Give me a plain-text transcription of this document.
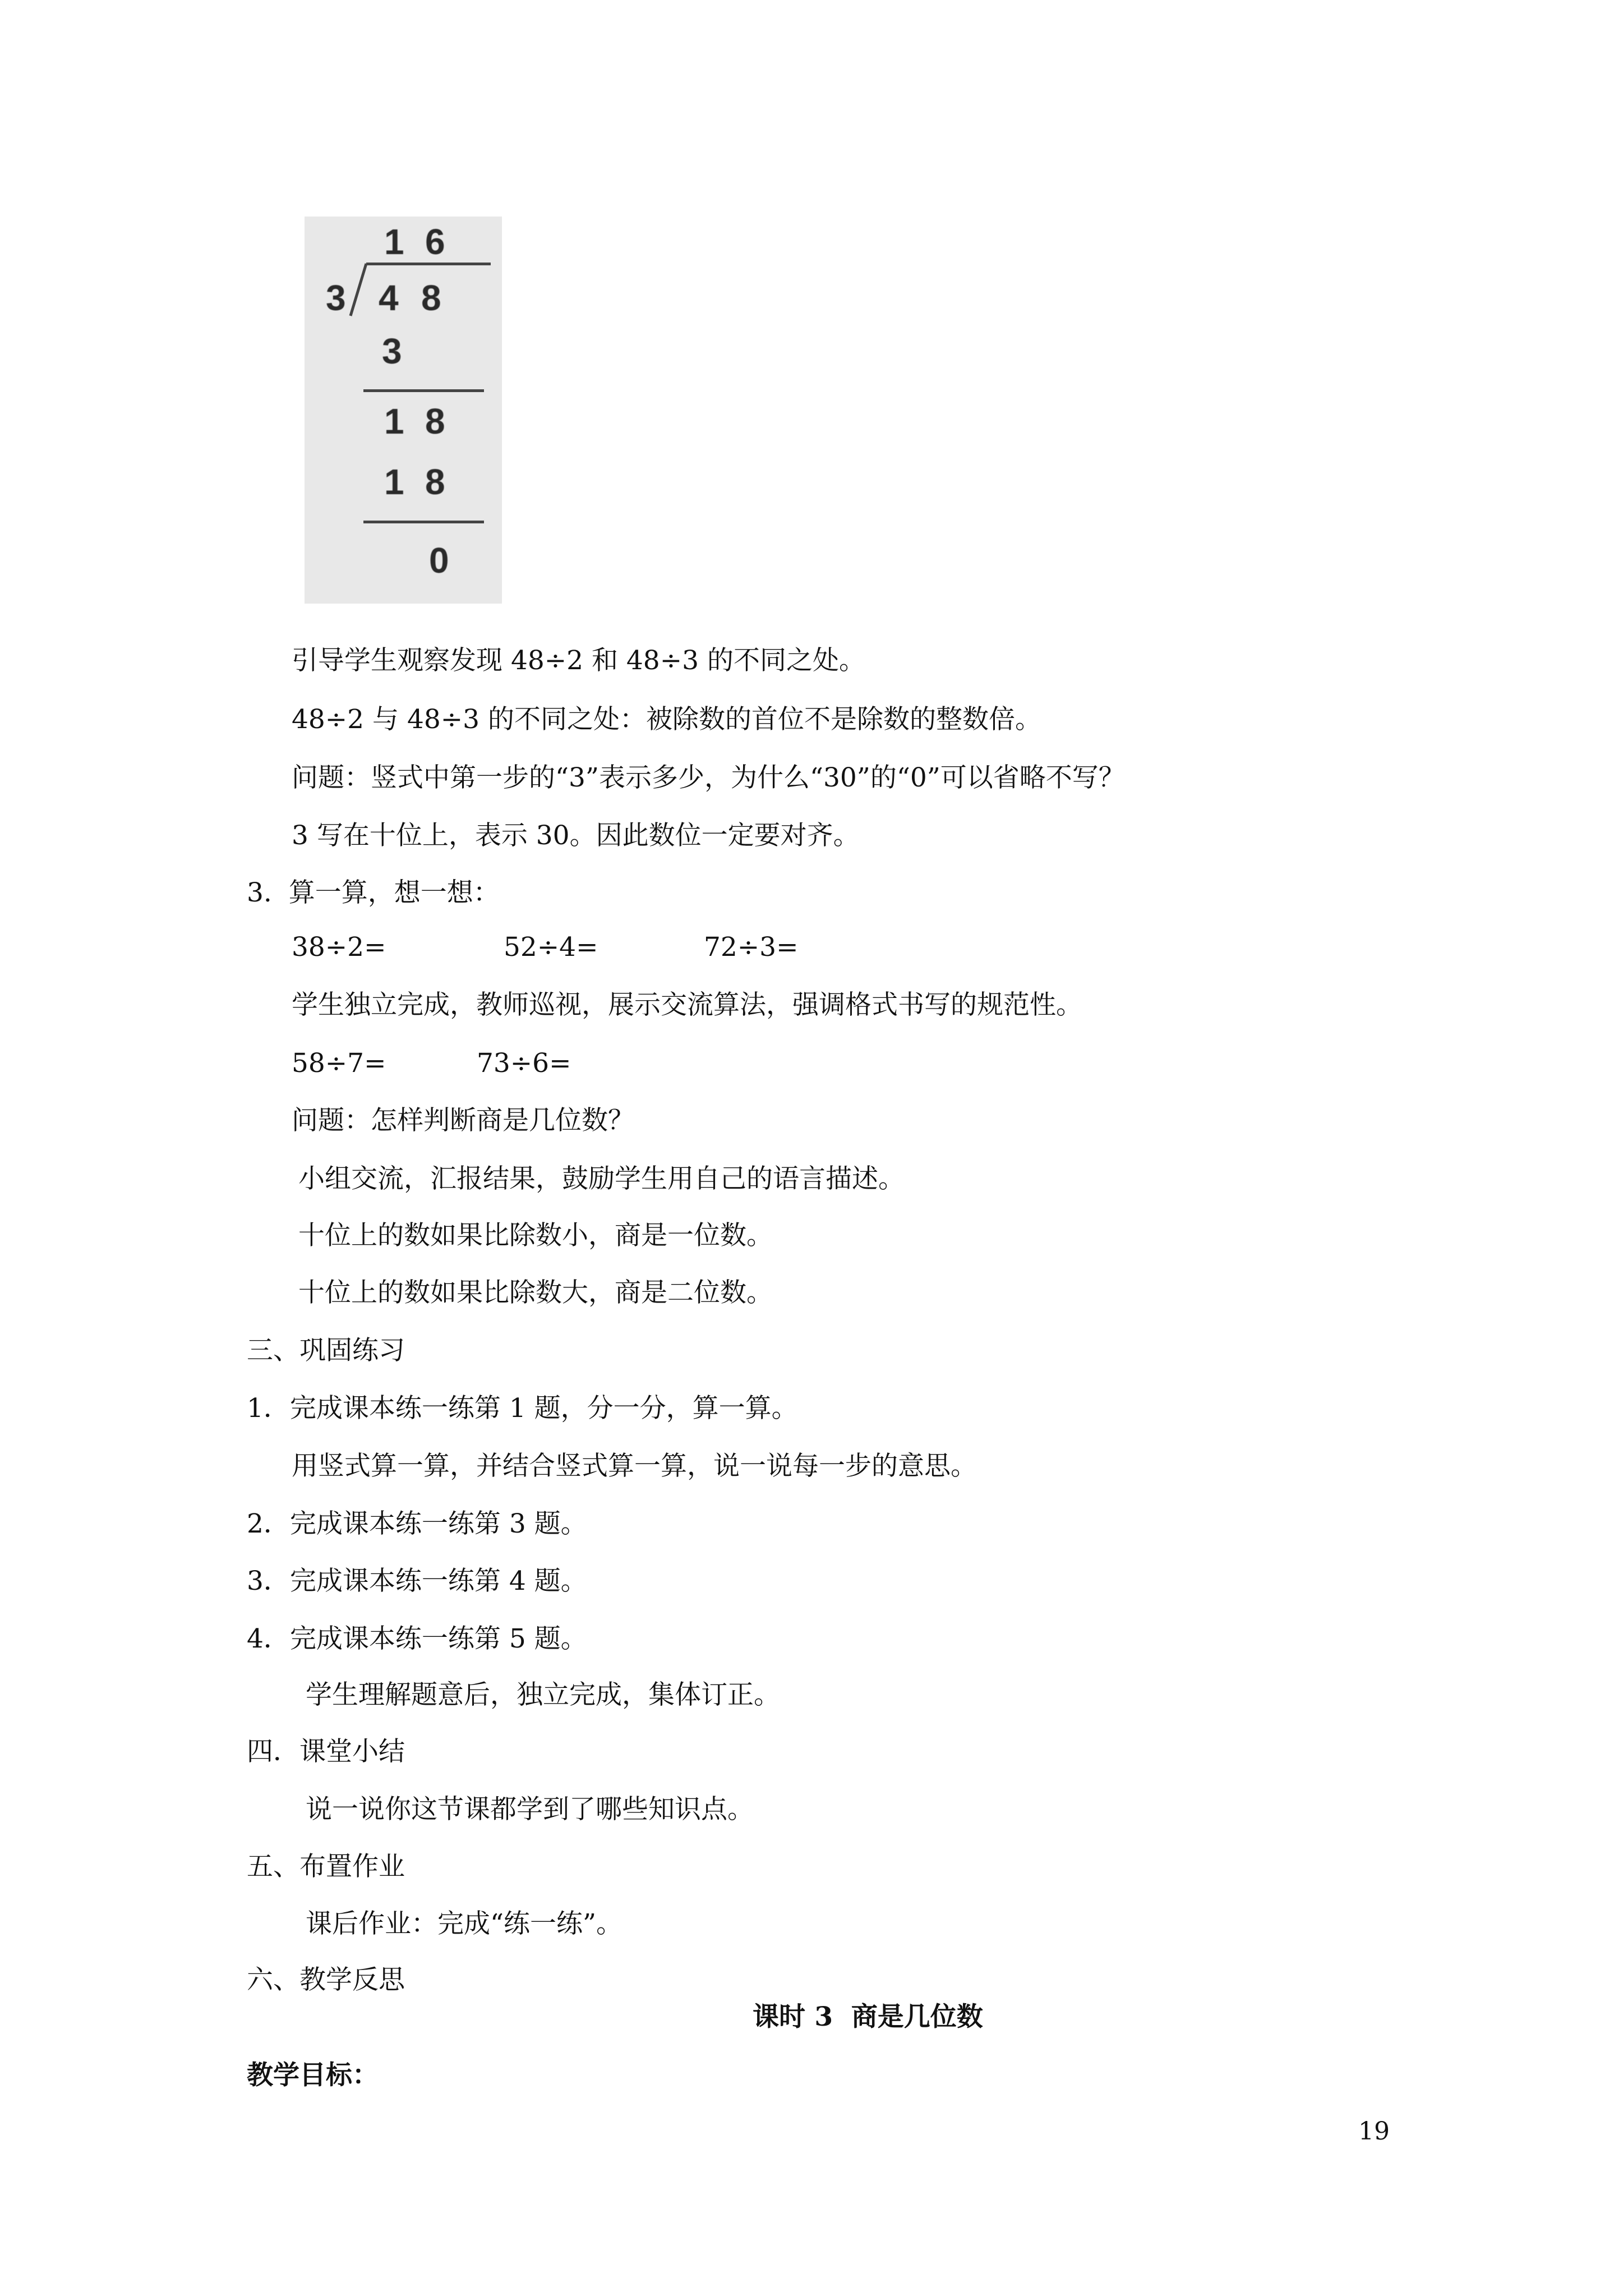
1 6
3 4 8
3
1 8
1 8
0
引导学生观察发现 48÷2 和 48÷3 的不同之处。
48÷2 与 48÷3 的不同之处：被除数的首位不是除数的整数倍。
问题：竖式中第一步的“3”表示多少，为什么“30”的“0”可以省略不写？
3 写在十位上，表示 30。因此数位一定要对齐。
3.  算一算，想一想：
38÷2=	52÷4=	72÷3=
学生独立完成，教师巡视，展示交流算法，强调格式书写的规范性。
58÷7=	73÷6=
问题：怎样判断商是几位数？
小组交流，汇报结果，鼓励学生用自己的语言描述。
十位上的数如果比除数小，商是一位数。
十位上的数如果比除数大，商是二位数。
三、巩固练习
1．完成课本练一练第 1 题，分一分，算一算。
用竖式算一算，并结合竖式算一算，说一说每一步的意思。
2．完成课本练一练第 3 题。
3．完成课本练一练第 4 题。
4．完成课本练一练第 5 题。
学生理解题意后，独立完成，集体订正。
四．课堂小结
说一说你这节课都学到了哪些知识点。
五、布置作业
课后作业：完成“练一练”。
六、教学反思
课时 3  商是几位数
教学目标：
19
